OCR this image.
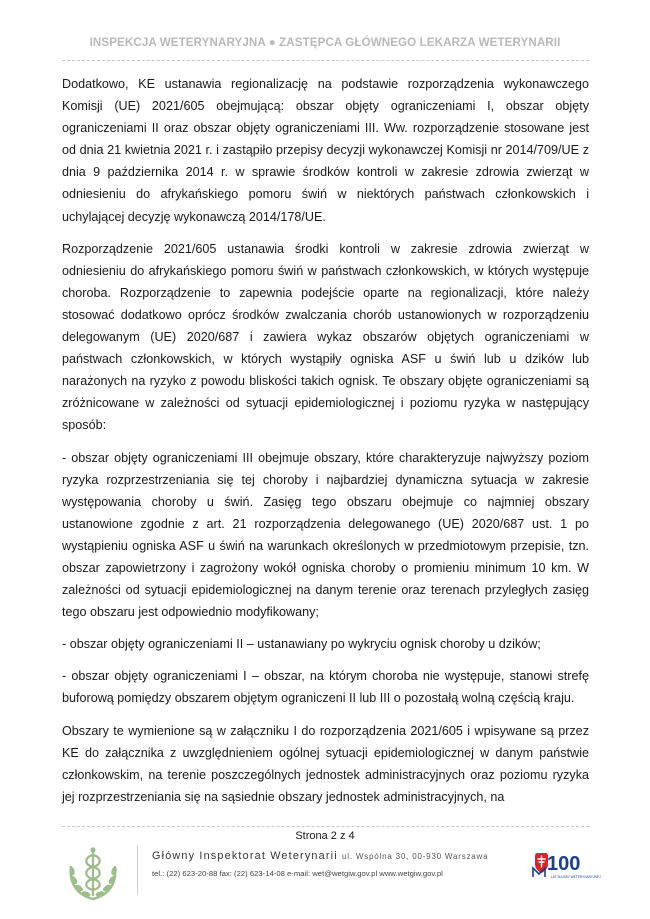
INSPEKCJA WETERYNARYJNA ● ZASTĘPCA GŁÓWNEGO LEKARZA WETERYNARII

Dodatkowo, KE ustanawia regionalizację na podstawie rozporządzenia wykonawczego Komisji (UE) 2021/605 obejmującą: obszar objęty ograniczeniami I, obszar objęty ograniczeniami II oraz obszar objęty ograniczeniami III. Ww. rozporządzenie stosowane jest od dnia 21 kwietnia 2021 r. i zastąpiło przepisy decyzji wykonawczej Komisji nr 2014/709/UE z dnia 9 października 2014 r. w sprawie środków kontroli w zakresie zdrowia zwierząt w odniesieniu do afrykańskiego pomoru świń w niektórych państwach członkowskich i uchylającej decyzję wykonawczą 2014/178/UE.

Rozporządzenie 2021/605 ustanawia środki kontroli w zakresie zdrowia zwierząt w odniesieniu do afrykańskiego pomoru świń w państwach członkowskich, w których występuje choroba. Rozporządzenie to zapewnia podejście oparte na regionalizacji, które należy stosować dodatkowo oprócz środków zwalczania chorób ustanowionych w rozporządzeniu delegowanym (UE) 2020/687 i zawiera wykaz obszarów objętych ograniczeniami w państwach członkowskich, w których wystąpiły ogniska ASF u świń lub u dzików lub narażonych na ryzyko z powodu bliskości takich ognisk. Te obszary objęte ograniczeniami są zróżnicowane w zależności od sytuacji epidemiologicznej i poziomu ryzyka w następujący sposób:

- obszar objęty ograniczeniami III obejmuje obszary, które charakteryzuje najwyższy poziom ryzyka rozprzestrzeniania się tej choroby i najbardziej dynamiczna sytuacja w zakresie występowania choroby u świń. Zasięg tego obszaru obejmuje co najmniej obszary ustanowione zgodnie z art. 21 rozporządzenia delegowanego (UE) 2020/687 ust. 1 po wystąpieniu ogniska ASF u świń na warunkach określonych w przedmiotowym przepisie, tzn. obszar zapowietrzony i zagrożony wokół ogniska choroby o promieniu minimum 10 km. W zależności od sytuacji epidemiologicznej na danym terenie oraz terenach przyległych zasięg tego obszaru jest odpowiednio modyfikowany;

- obszar objęty ograniczeniami II – ustanawiany po wykryciu ognisk choroby u dzików;

- obszar objęty ograniczeniami I – obszar, na którym choroba nie występuje, stanowi strefę buforową pomiędzy obszarem objętym ograniczeni II lub III o pozostałą wolną częścią kraju.

Obszary te wymienione są w załączniku I do rozporządzenia 2021/605 i wpisywane są przez KE do załącznika z uwzględnieniem ogólnej sytuacji epidemiologicznej w danym państwie członkowskim, na terenie poszczególnych jednostek administracyjnych oraz poziomu ryzyka jej rozprzestrzeniania się na sąsiednie obszary jednostek administracyjnych, na

Strona 2 z 4
Główny Inspektorat Weterynarii ul. Wspólna 30, 00-930 Warszawa
tel.: (22) 623-20-88 fax: (22) 623-14-08 e-mail: wet@wetgiw.gov.pl www.wetgiw.gov.pl	100
LAT SŁUŻBY WETERYNARYJNEJ
